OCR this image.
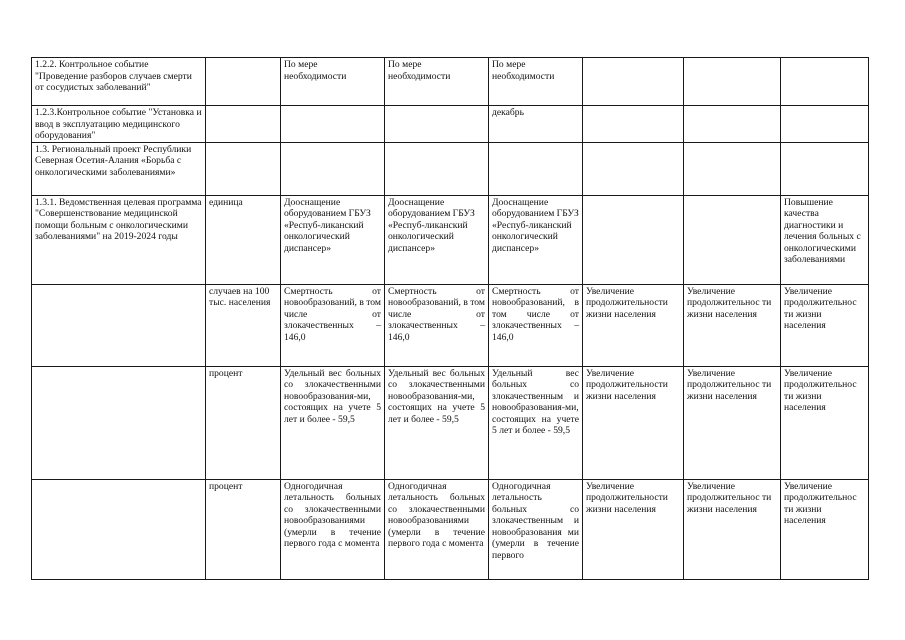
1.2.2. Контрольное событие "Проведение разборов случаев смерти от сосудистых заболеваний"		По мере необходимости	По мере необходимости	По мере необходимости			
1.2.3.Контрольное событие "Установка и ввод в эксплуатацию медицинского оборудования"				декабрь			
1.3. Региональный проект Республики Северная Осетия-Алания «Борьба с онкологическими заболеваниями»							
1.3.1. Ведомственная целевая программа "Совершенствование медицинской помощи больным с онкологическими заболеваниями" на 2019-2024 годы	единица	Дооснащение оборудованием ГБУЗ «Респуб-ликанский онкологический диспансер»	Дооснащение оборудованием ГБУЗ «Респуб-ликанский онкологический диспансер»	Дооснащение оборудованием ГБУЗ «Респуб-ликанский онкологический диспансер»			Повышение качества диагностики и лечения больных с онкологическими заболеваниями
	случаев на 100 тыс. населения	Смертность от новообразований, в том числе от злокачественных – 146,0	Смертность от новообразований, в том числе от злокачественных – 146,0	Смертность от новообразований, в том числе от злокачественных – 146,0	Увеличение продолжительности жизни населения	Увеличение продолжительнос ти жизни населения	Увеличение продолжительнос ти жизни населения
	процент	Удельный вес больных со злокачественными новообразования-ми, состоящих на учете 5 лет и более - 59,5	Удельный вес больных со злокачественными новообразования-ми, состоящих на учете 5 лет и более - 59,5	Удельный вес больных со злокачественным и новообразования-ми, состоящих на учете 5 лет и более - 59,5	Увеличение продолжительности жизни населения	Увеличение продолжительнос ти жизни населения	Увеличение продолжительнос ти жизни населения
	процент	Одногодичная летальность больных со злокачественными новообразованиями (умерли в течение первого года с момента	Одногодичная летальность больных со злокачественными новообразованиями (умерли в течение первого года с момента	Одногодичная летальность больных со злокачественным и новообразования ми (умерли в течение первого	Увеличение продолжительности жизни населения	Увеличение продолжительнос ти жизни населения	Увеличение продолжительнос ти жизни населения
